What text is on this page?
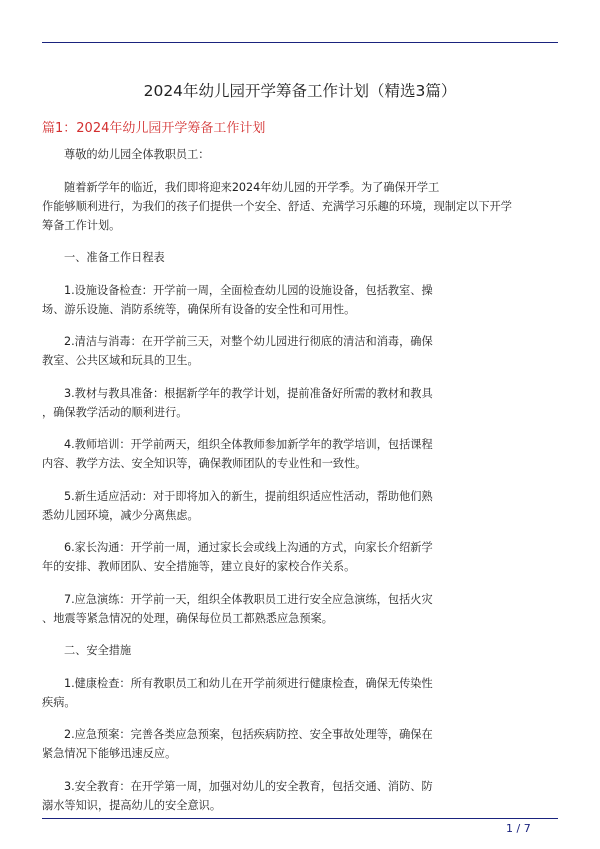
2024年幼儿园开学筹备工作计划（精选3篇）
篇1：2024年幼儿园开学筹备工作计划
尊敬的幼儿园全体教职员工：
随着新学年的临近，我们即将迎来2024年幼儿园的开学季。为了确保开学工
作能够顺利进行，为我们的孩子们提供一个安全、舒适、充满学习乐趣的环境，现制定以下开学
筹备工作计划。
一、准备工作日程表
1.设施设备检查：开学前一周，全面检查幼儿园的设施设备，包括教室、操
场、游乐设施、消防系统等，确保所有设备的安全性和可用性。
2.清洁与消毒：在开学前三天，对整个幼儿园进行彻底的清洁和消毒，确保
教室、公共区域和玩具的卫生。
3.教材与教具准备：根据新学年的教学计划，提前准备好所需的教材和教具
，确保教学活动的顺利进行。
4.教师培训：开学前两天，组织全体教师参加新学年的教学培训，包括课程
内容、教学方法、安全知识等，确保教师团队的专业性和一致性。
5.新生适应活动：对于即将加入的新生，提前组织适应性活动，帮助他们熟
悉幼儿园环境，减少分离焦虑。
6.家长沟通：开学前一周，通过家长会或线上沟通的方式，向家长介绍新学
年的安排、教师团队、安全措施等，建立良好的家校合作关系。
7.应急演练：开学前一天，组织全体教职员工进行安全应急演练，包括火灾
、地震等紧急情况的处理，确保每位员工都熟悉应急预案。
二、安全措施
1.健康检查：所有教职员工和幼儿在开学前须进行健康检查，确保无传染性
疾病。
2.应急预案：完善各类应急预案，包括疾病防控、安全事故处理等，确保在
紧急情况下能够迅速反应。
3.安全教育：在开学第一周，加强对幼儿的安全教育，包括交通、消防、防
溺水等知识，提高幼儿的安全意识。
1 / 7
